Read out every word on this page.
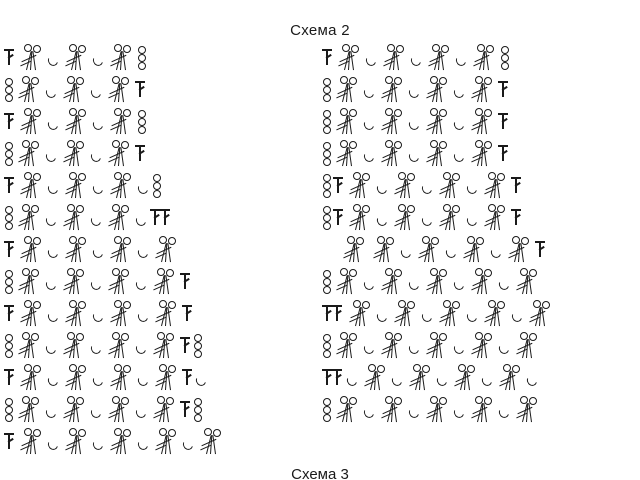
Схема 2
Схема 3
